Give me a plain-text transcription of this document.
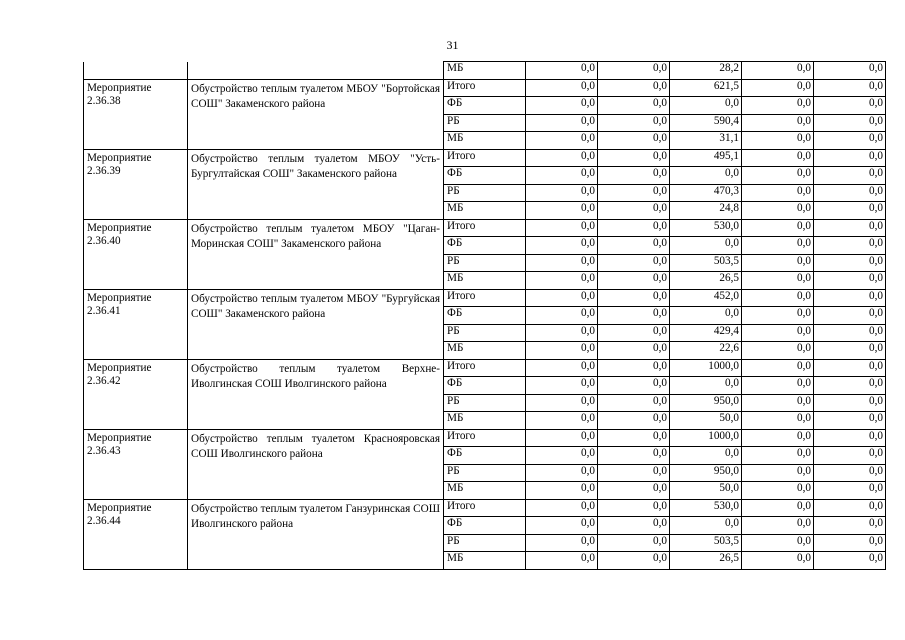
31
		МБ	0,0	0,0	28,2	0,0	0,0
Мероприятие 2.36.38	Обустройство теплым туалетом МБОУ "Бортойская СОШ" Закаменского района	Итого	0,0	0,0	621,5	0,0	0,0
		ФБ	0,0	0,0	0,0	0,0	0,0
		РБ	0,0	0,0	590,4	0,0	0,0
		МБ	0,0	0,0	31,1	0,0	0,0
Мероприятие 2.36.39	Обустройство теплым туалетом МБОУ "Усть-Бургултайская СОШ" Закаменского района	Итого	0,0	0,0	495,1	0,0	0,0
		ФБ	0,0	0,0	0,0	0,0	0,0
		РБ	0,0	0,0	470,3	0,0	0,0
		МБ	0,0	0,0	24,8	0,0	0,0
Мероприятие 2.36.40	Обустройство теплым туалетом МБОУ "Цаган-Моринская СОШ" Закаменского района	Итого	0,0	0,0	530,0	0,0	0,0
		ФБ	0,0	0,0	0,0	0,0	0,0
		РБ	0,0	0,0	503,5	0,0	0,0
		МБ	0,0	0,0	26,5	0,0	0,0
Мероприятие 2.36.41	Обустройство теплым туалетом МБОУ "Бургуйская СОШ" Закаменского района	Итого	0,0	0,0	452,0	0,0	0,0
		ФБ	0,0	0,0	0,0	0,0	0,0
		РБ	0,0	0,0	429,4	0,0	0,0
		МБ	0,0	0,0	22,6	0,0	0,0
Мероприятие 2.36.42	Обустройство теплым туалетом Верхне-Иволгинская СОШ Иволгинского района	Итого	0,0	0,0	1000,0	0,0	0,0
		ФБ	0,0	0,0	0,0	0,0	0,0
		РБ	0,0	0,0	950,0	0,0	0,0
		МБ	0,0	0,0	50,0	0,0	0,0
Мероприятие 2.36.43	Обустройство теплым туалетом Краснояровская СОШ Иволгинского района	Итого	0,0	0,0	1000,0	0,0	0,0
		ФБ	0,0	0,0	0,0	0,0	0,0
		РБ	0,0	0,0	950,0	0,0	0,0
		МБ	0,0	0,0	50,0	0,0	0,0
Мероприятие 2.36.44	Обустройство теплым туалетом Ганзуринская СОШ Иволгинского района	Итого	0,0	0,0	530,0	0,0	0,0
		ФБ	0,0	0,0	0,0	0,0	0,0
		РБ	0,0	0,0	503,5	0,0	0,0
		МБ	0,0	0,0	26,5	0,0	0,0
